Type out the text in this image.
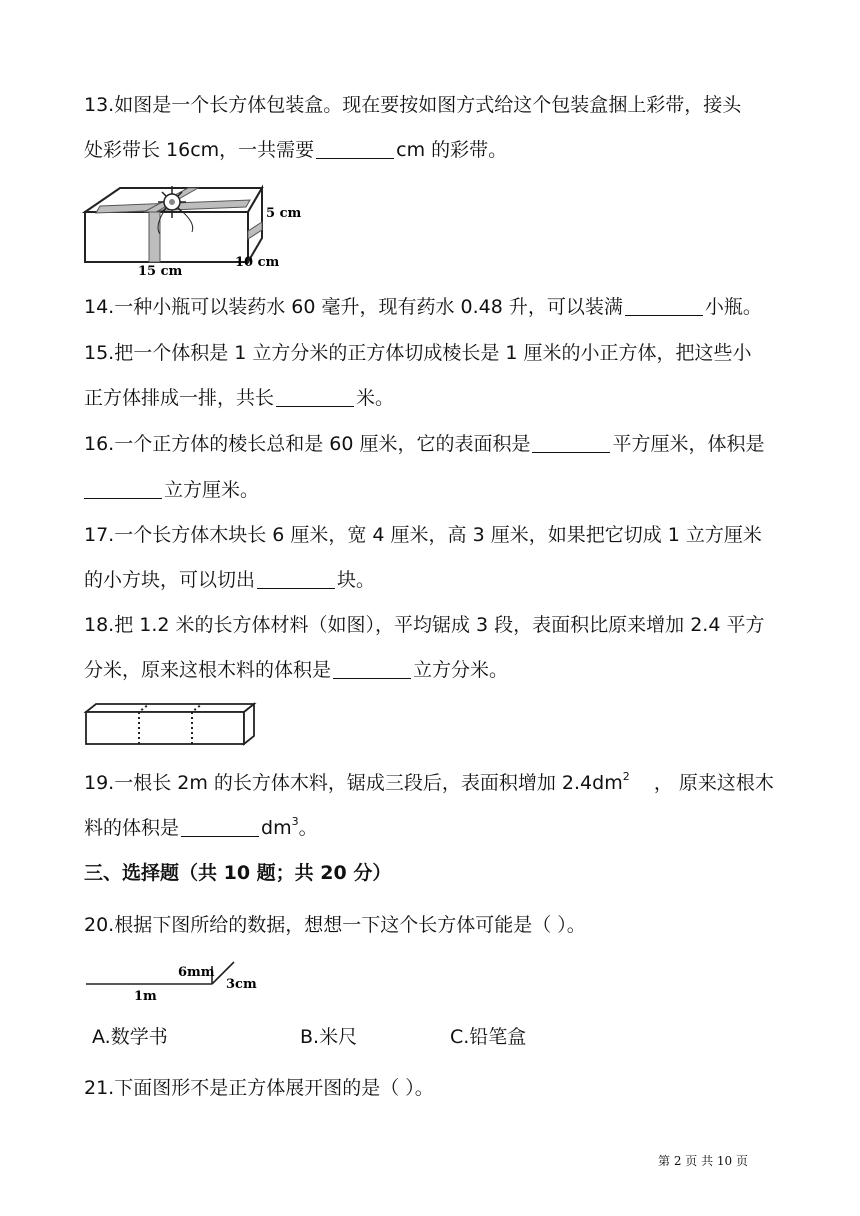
13.如图是一个长方体包装盒。现在要按如图方式给这个包装盒捆上彩带，接头
处彩带长 16cm，一共需要	cm 的彩带。
5 cm
10 cm
15 cm
14.一种小瓶可以装药水 60 毫升，现有药水 0.48 升，可以装满	小瓶。
15.把一个体积是 1 立方分米的正方体切成棱长是 1 厘米的小正方体，把这些小
正方体排成一排，共长	米。
16.一个正方体的棱长总和是 60 厘米，它的表面积是	平方厘米，体积是
立方厘米。
17.一个长方体木块长 6 厘米，宽 4 厘米，高 3 厘米，如果把它切成 1 立方厘米
的小方块，可以切出	块。
18.把 1.2 米的长方体材料（如图），平均锯成 3 段，表面积比原来增加 2.4 平方
分米，原来这根木料的体积是	立方分米。
19.一根长 2m 的长方体木料，锯成三段后，表面积增加 $2.4dm^2$ ， 原来这根木
料的体积是	$dm^3$。
三、选择题（共 10 题；共 20 分）
20.根据下图所给的数据，想想一下这个长方体可能是（ ）。
6mm
3cm
1m
A.数学书	B.米尺	C.铅笔盒
21.下面图形不是正方体展开图的是（ ）。
第 2 页 共 10 页
